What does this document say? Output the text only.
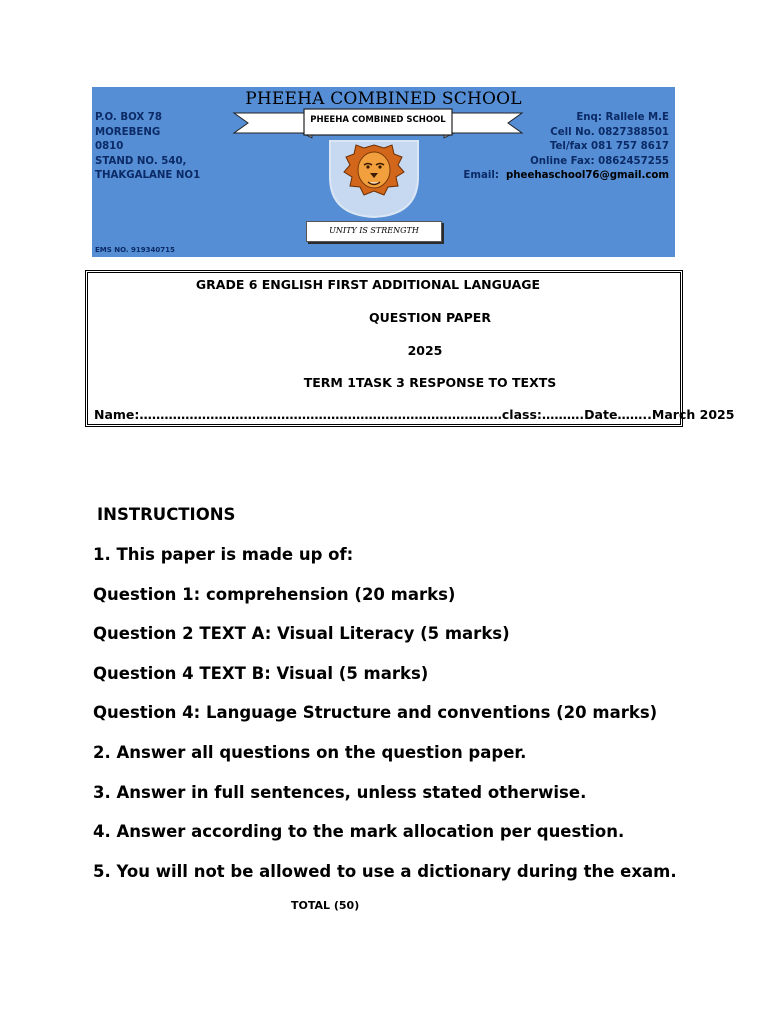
PHEEHA COMBINED SCHOOL
P.O. BOX 78
MOREBENG
0810
STAND NO. 540,
THAKGALANE NO1
Enq: Rallele M.E
Cell No. 0827388501
Tel/fax 081 757 8617
Online Fax: 0862457255
Email: pheehaschool76@gmail.com
PHEEHA COMBINED SCHOOL
UNITY IS STRENGTH
EMS NO. 919340715
GRADE 6 ENGLISH FIRST ADDITIONAL LANGUAGE
QUESTION PAPER
2025
TERM 1TASK 3 RESPONSE TO TEXTS
Name:……………………………………………………………………………class:……….Date……..March 2025
INSTRUCTIONS
1. This paper is made up of:
Question 1: comprehension (20 marks)
Question 2 TEXT A: Visual Literacy (5 marks)
Question 4 TEXT B: Visual (5 marks)
Question 4: Language Structure and conventions (20 marks)
2. Answer all questions on the question paper.
3. Answer in full sentences, unless stated otherwise.
4. Answer according to the mark allocation per question.
5. You will not be allowed to use a dictionary during the exam.
TOTAL (50)
